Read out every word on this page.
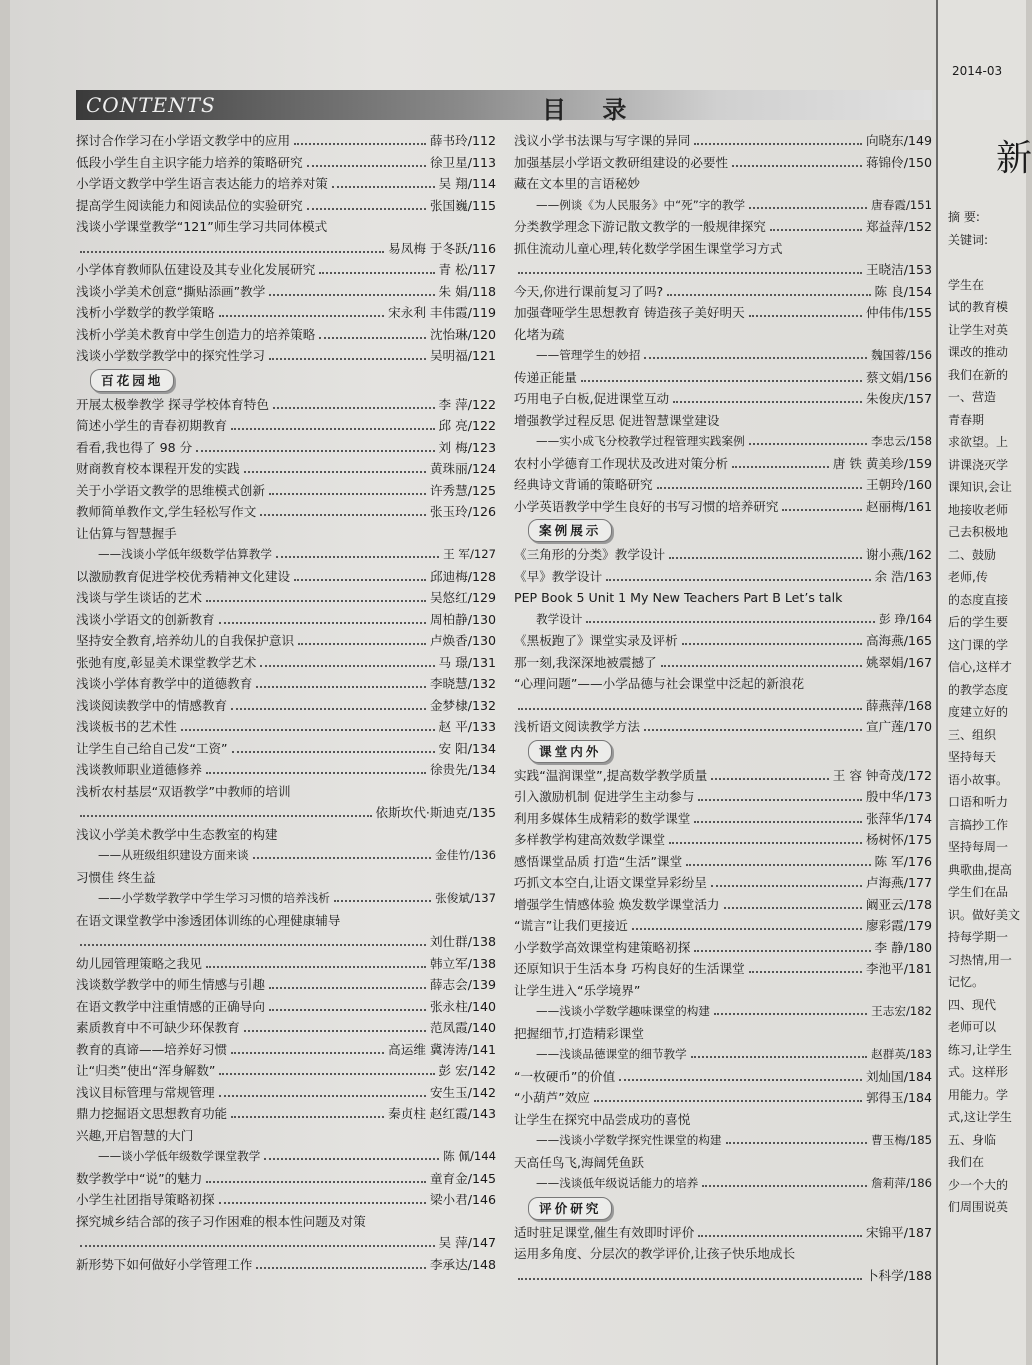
2014-03
新
摘 要:
关键词:
学生在
试的教育模
让学生对英
课改的推动
我们在新的
一、营造
青春期
求欲望。上
讲课浇灭学
课知识,会让
地接收老师
己去积极地
二、鼓励
老师,传
的态度直接
后的学生要
这门课的学
信心,这样才
的教学态度
度建立好的
三、组织
坚持每天
语小故事。
口语和听力
言搞抄工作
坚持每周一
典歌曲,提高
学生们在品
识。做好美文
持每学期一
习热情,用一
记忆。
四、现代
老师可以
练习,让学生
式。这样形
用能力。学
式,这让学生
五、身临
我们在
少一个大的
们周围说英
CONTENTS	目 录
探讨合作学习在小学语文教学中的应用	薛书玲/112
低段小学生自主识字能力培养的策略研究	徐卫星/113
小学语文教学中学生语言表达能力的培养对策	吴 翔/114
提高学生阅读能力和阅读品位的实验研究	张国巍/115
浅谈小学课堂教学“121”师生学习共同体模式
易凤梅 于冬跃/116
小学体育教师队伍建设及其专业化发展研究	青 松/117
浅谈小学美术创意“撕贴添画”教学	朱 娟/118
浅析小学数学的教学策略	宋永利 丰伟霞/119
浅析小学美术教育中学生创造力的培养策略	沈怡琳/120
浅谈小学数学教学中的探究性学习	吴明福/121
百花园地
开展太极拳教学 探寻学校体育特色	李 萍/122
简述小学生的青春初期教育	邱 亮/122
看看,我也得了 98 分	刘 梅/123
财商教育校本课程开发的实践	黄珠丽/124
关于小学语文教学的思维模式创新	许秀慧/125
教师简单教作文,学生轻松写作文	张玉玲/126
让估算与智慧握手
——浅谈小学低年级数学估算教学	王 军/127
以激励教育促进学校优秀精神文化建设	邱迪梅/128
浅谈与学生谈话的艺术	吴悠红/129
浅谈小学语文的创新教育	周柏静/130
坚持安全教育,培养幼儿的自我保护意识	卢焕香/130
张弛有度,彰显美术课堂教学艺术	马 璟/131
浅谈小学体育教学中的道德教育	李晓慧/132
浅谈阅读教学中的情感教育	金梦棣/132
浅谈板书的艺术性	赵 平/133
让学生自己给自己发“工资”	安 阳/134
浅谈教师职业道德修养	徐贵先/134
浅析农村基层“双语教学”中教师的培训
依斯坎代·斯迪克/135
浅议小学美术教学中生态教室的构建
——从班级组织建设方面来谈	金佳竹/136
习惯佳 终生益
——小学数学教学中学生学习习惯的培养浅析	张俊斌/137
在语文课堂教学中渗透团体训练的心理健康辅导
刘仕群/138
幼儿园管理策略之我见	韩立军/138
浅谈数学教学中的师生情感与引趣	薛志会/139
在语文教学中注重情感的正确导向	张永柱/140
素质教育中不可缺少环保教育	范凤霞/140
教育的真谛——培养好习惯	高运维 冀涛涛/141
让“归类”使出“浑身解数”	彭 宏/142
浅议目标管理与常规管理	安生玉/142
鼎力挖掘语文思想教育功能	秦贞柱 赵红霞/143
兴趣,开启智慧的大门
——谈小学低年级数学课堂教学	陈 佩/144
数学教学中“说”的魅力	童育金/145
小学生社团指导策略初探	梁小君/146
探究城乡结合部的孩子习作困难的根本性问题及对策
吴 萍/147
新形势下如何做好小学管理工作	李承达/148
浅议小学书法课与写字课的异同	向晓东/149
加强基层小学语文教研组建设的必要性	蒋锦伶/150
藏在文本里的言语秘妙
——例谈《为人民服务》中“死”字的教学	唐春霞/151
分类教学理念下游记散文教学的一般规律探究	郑益萍/152
抓住流动儿童心理,转化数学学困生课堂学习方式
王晓洁/153
今天,你进行课前复习了吗?	陈 良/154
加强聋哑学生思想教育 铸造孩子美好明天	仲伟伟/155
化堵为疏
——管理学生的妙招	魏国蓉/156
传递正能量	蔡文娟/156
巧用电子白板,促进课堂互动	朱俊庆/157
增强教学过程反思 促进智慧课堂建设
——实小成飞分校教学过程管理实践案例	李忠云/158
农村小学德育工作现状及改进对策分析	唐 铁 黄美珍/159
经典诗文背诵的策略研究	王朝玲/160
小学英语教学中学生良好的书写习惯的培养研究	赵丽梅/161
案例展示
《三角形的分类》教学设计	谢小燕/162
《早》教学设计	余 浩/163
PEP Book 5 Unit 1 My New Teachers Part B Let’s talk
教学设计	彭 琤/164
《黑板跑了》课堂实录及评析	高海燕/165
那一刻,我深深地被震撼了	姚翠娟/167
“心理问题”——小学品德与社会课堂中泛起的新浪花
薛燕萍/168
浅析语文阅读教学方法	宣广莲/170
课堂内外
实践“温润课堂”,提高数学教学质量	王 容 钟奇茂/172
引入激励机制 促进学生主动参与	殷中华/173
利用多媒体生成精彩的数学课堂	张萍华/174
多样教学构建高效数学课堂	杨树怀/175
感悟课堂品质 打造“生活”课堂	陈 军/176
巧抓文本空白,让语文课堂异彩纷呈	卢海燕/177
增强学生情感体验 焕发数学课堂活力	阚亚云/178
“谎言”让我们更接近	廖彩霞/179
小学数学高效课堂构建策略初探	李 静/180
还原知识于生活本身 巧构良好的生活课堂	李池平/181
让学生进入“乐学境界”
——浅谈小学数学趣味课堂的构建	王志宏/182
把握细节,打造精彩课堂
——浅谈品德课堂的细节教学	赵群英/183
“一枚硬币”的价值	刘灿国/184
“小葫芦”效应	郭得玉/184
让学生在探究中品尝成功的喜悦
——浅谈小学数学探究性课堂的构建	曹玉梅/185
天高任鸟飞,海阔凭鱼跃
——浅谈低年级说话能力的培养	詹莉萍/186
评价研究
适时驻足课堂,催生有效即时评价	宋锦平/187
运用多角度、分层次的教学评价,让孩子快乐地成长
卜科学/188
